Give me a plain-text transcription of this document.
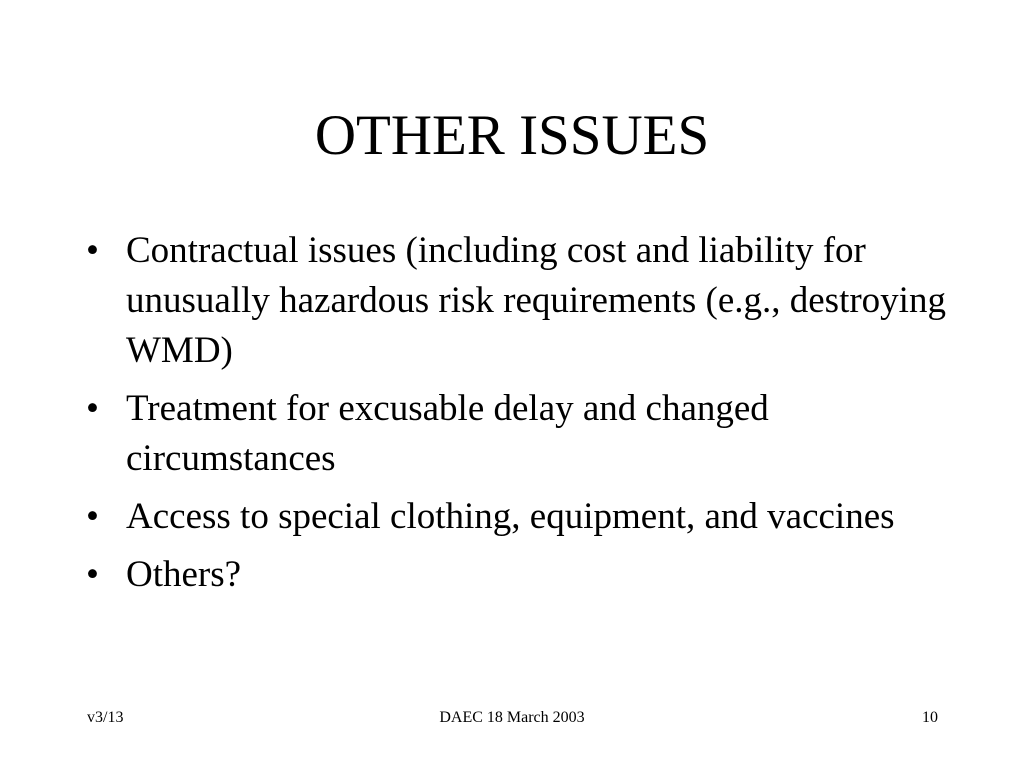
OTHER ISSUES
• Contractual issues (including cost and liability for unusually hazardous risk requirements (e.g., destroying WMD)
• Treatment for excusable delay and changed circumstances
• Access to special clothing, equipment, and vaccines
• Others?
v3/13	DAEC 18 March 2003	10
